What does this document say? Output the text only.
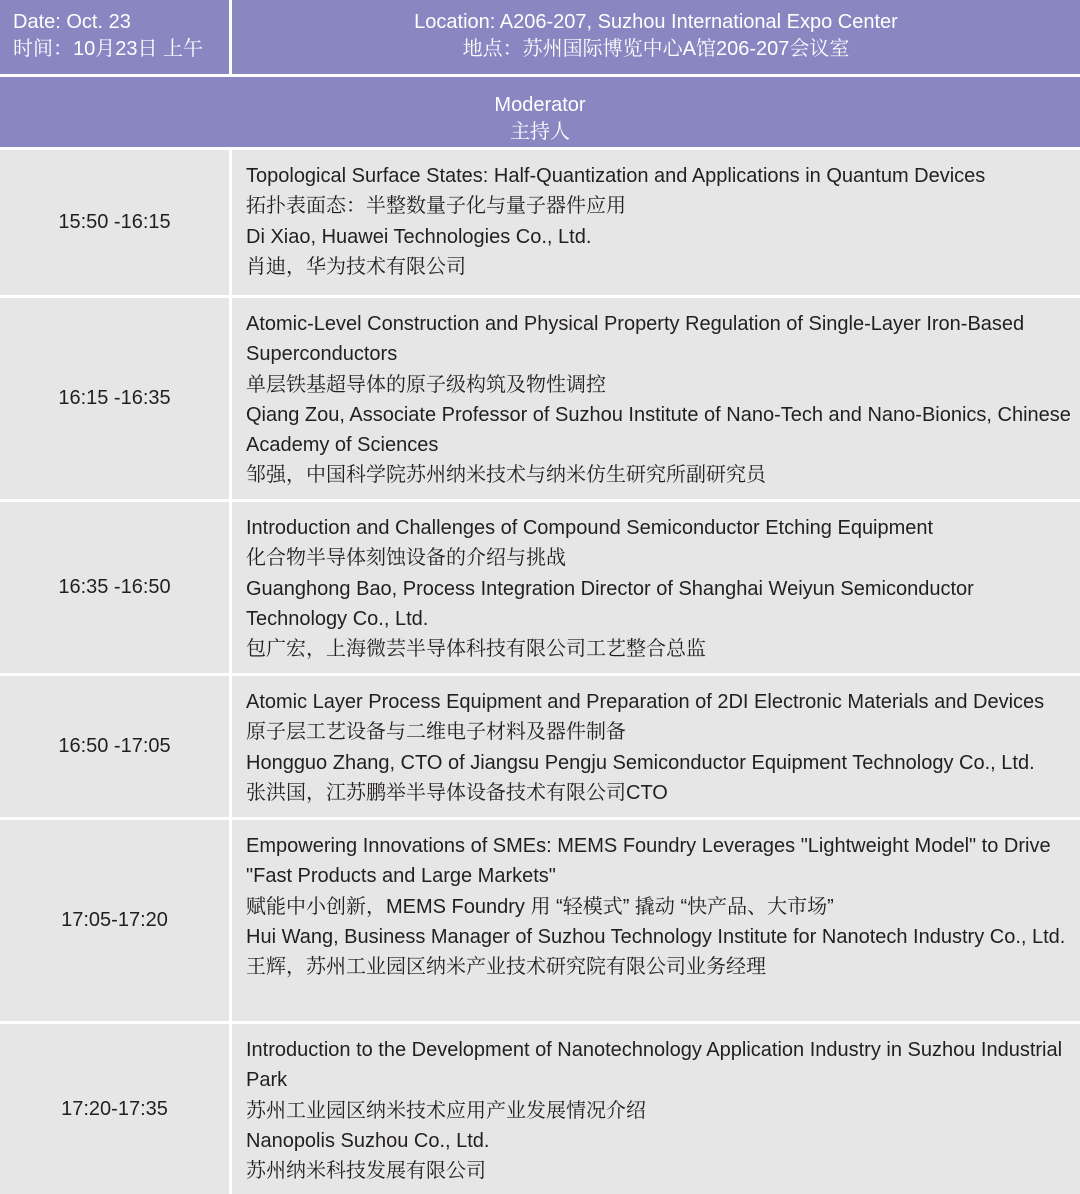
Date: Oct. 23
时间：10月23日 上午
Location: A206-207, Suzhou International Expo Center
地点：苏州国际博览中心A馆206-207会议室
Moderator
主持人
15:50 -16:15
Topological Surface States: Half-Quantization and Applications in Quantum Devices
拓扑表面态：半整数量子化与量子器件应用
Di Xiao, Huawei Technologies Co., Ltd.
肖迪，华为技术有限公司
16:15 -16:35
Atomic-Level Construction and Physical Property Regulation of Single-Layer Iron-Based Superconductors
单层铁基超导体的原子级构筑及物性调控
Qiang Zou, Associate Professor of Suzhou Institute of Nano-Tech and Nano-Bionics, Chinese Academy of Sciences
邹强，中国科学院苏州纳米技术与纳米仿生研究所副研究员
16:35 -16:50
Introduction and Challenges of Compound Semiconductor Etching Equipment
化合物半导体刻蚀设备的介绍与挑战
Guanghong Bao, Process Integration Director of Shanghai Weiyun Semiconductor Technology Co., Ltd.
包广宏，上海微芸半导体科技有限公司工艺整合总监
16:50 -17:05
Atomic Layer Process Equipment and Preparation of 2DI Electronic Materials and Devices
原子层工艺设备与二维电子材料及器件制备
Hongguo Zhang, CTO of Jiangsu Pengju Semiconductor Equipment Technology Co., Ltd.
张洪国，江苏鹏举半导体设备技术有限公司CTO
17:05-17:20
Empowering Innovations of SMEs: MEMS Foundry Leverages "Lightweight Model" to Drive "Fast Products and Large Markets"
赋能中小创新，MEMS Foundry 用 “轻模式” 撬动 “快产品、大市场”
Hui Wang, Business Manager of Suzhou Technology Institute for Nanotech Industry Co., Ltd.
王辉，苏州工业园区纳米产业技术研究院有限公司业务经理
17:20-17:35
Introduction to the Development of Nanotechnology Application Industry in Suzhou Industrial Park
苏州工业园区纳米技术应用产业发展情况介绍
Nanopolis Suzhou Co., Ltd.
苏州纳米科技发展有限公司
